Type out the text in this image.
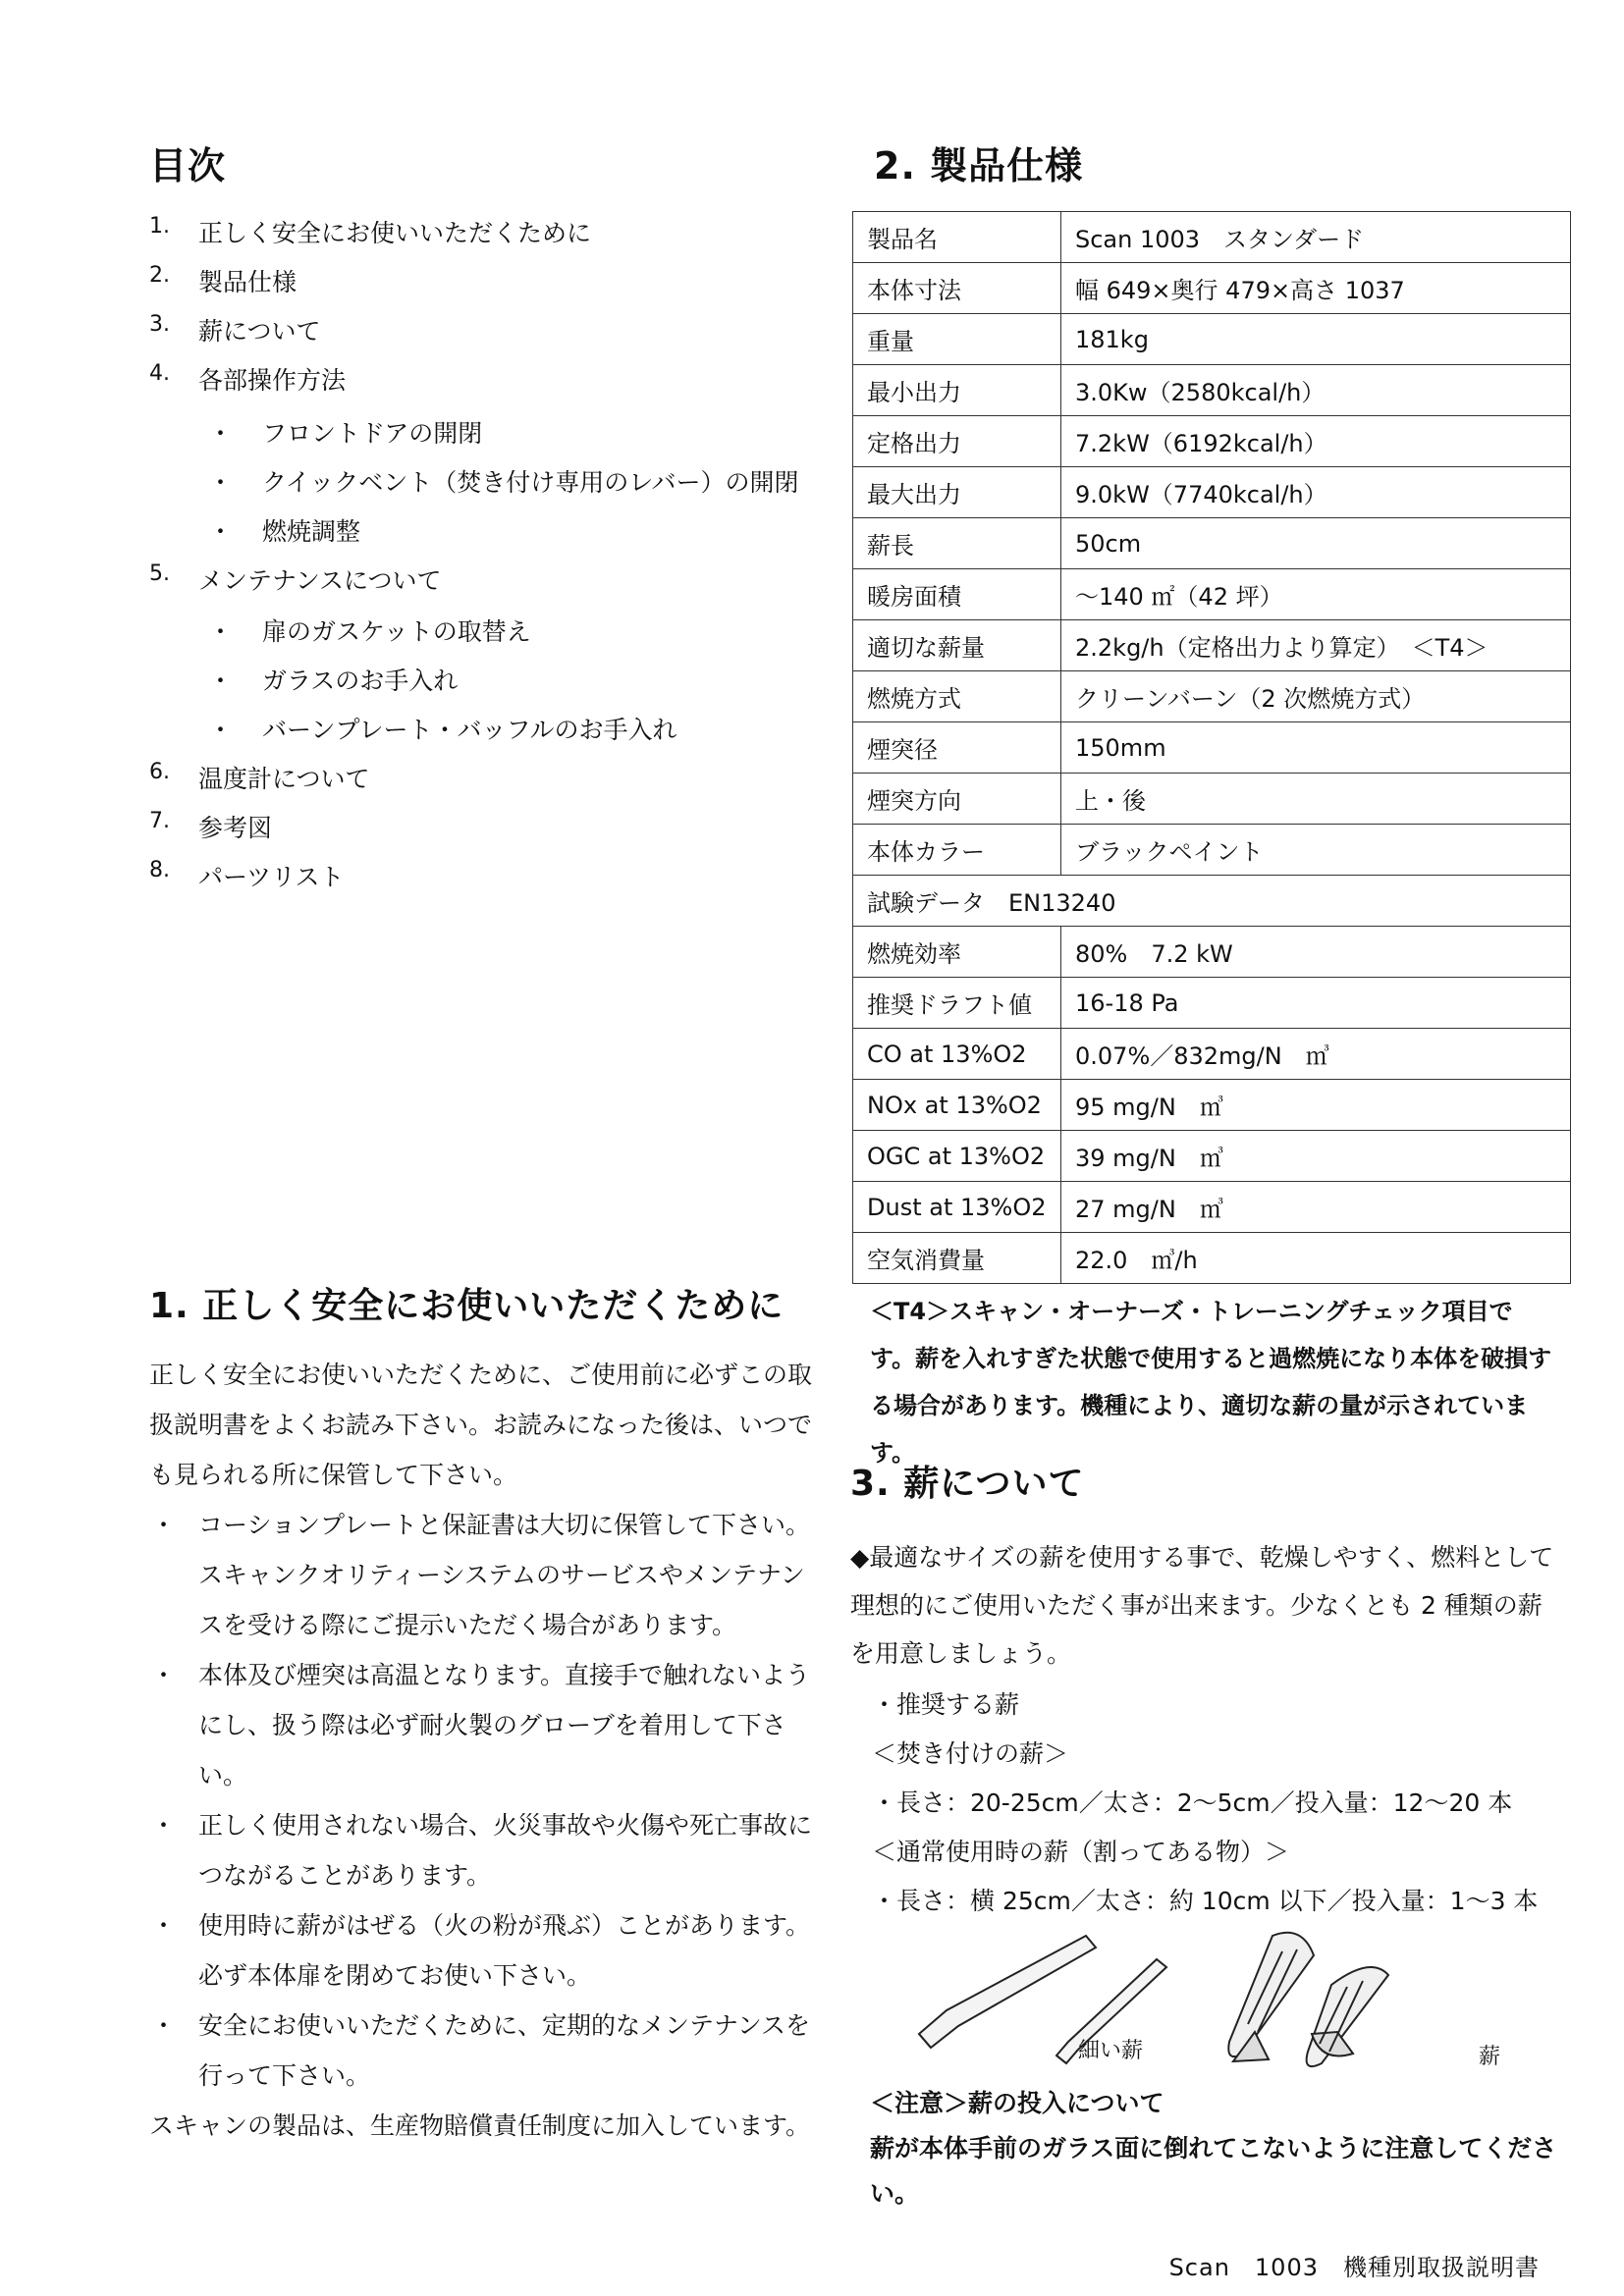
目次
1.	正しく安全にお使いいただくために
2.	製品仕様
3.	薪について
4.	各部操作方法
・ フロントドアの開閉
・ クイックベント（焚き付け専用のレバー）の開閉
・ 燃焼調整
5.	メンテナンスについて
・ 扉のガスケットの取替え
・ ガラスのお手入れ
・ バーンプレート・バッフルのお手入れ
6.	温度計について
7.	参考図
8.	パーツリスト
1. 正しく安全にお使いいただくために

正しく安全にお使いいただくために、ご使用前に必ずこの取扱説明書をよくお読み下さい。お読みになった後は、いつでも見られる所に保管して下さい。

・ コーションプレートと保証書は大切に保管して下さい。スキャンクオリティーシステムのサービスやメンテナンスを受ける際にご提示いただく場合があります。
・ 本体及び煙突は高温となります。直接手で触れないようにし、扱う際は必ず耐火製のグローブを着用して下さい。
・ 正しく使用されない場合、火災事故や火傷や死亡事故につながることがあります。
・ 使用時に薪がはぜる（火の粉が飛ぶ）ことがあります。必ず本体扉を閉めてお使い下さい。
・ 安全にお使いいただくために、定期的なメンテナンスを行って下さい。

スキャンの製品は、生産物賠償責任制度に加入しています。

2. 製品仕様
製品名	Scan 1003　スタンダード
本体寸法	幅 649×奥行 479×高さ 1037
重量	181kg
最小出力	3.0Kw（2580kcal/h）
定格出力	7.2kW（6192kcal/h）
最大出力	9.0kW（7740kcal/h）
薪長	50cm
暖房面積	～140 ㎡（42 坪）
適切な薪量	2.2kg/h（定格出力より算定）　＜T4＞
燃焼方式	クリーンバーン（2 次燃焼方式）
煙突径	150mm
煙突方向	上・後
本体カラー	ブラックペイント
試験データ　EN13240	
燃焼効率	80%　7.2 kW
推奨ドラフト値	16-18 Pa
CO at 13%O2	0.07%／832mg/N　㎥
NOx at 13%O2	95 mg/N　㎥
OGC at 13%O2	39 mg/N　㎥
Dust at 13%O2	27 mg/N　㎥
空気消費量	22.0　㎥/h

＜T4＞スキャン・オーナーズ・トレーニングチェック項目です。薪を入れすぎた状態で使用すると過燃焼になり本体を破損する場合があります。機種により、適切な薪の量が示されています。

3. 薪について

◆最適なサイズの薪を使用する事で、乾燥しやすく、燃料として理想的にご使用いただく事が出来ます。少なくとも 2 種類の薪を用意しましょう。

・推奨する薪
＜焚き付けの薪＞
・長さ：20-25cm／太さ：2～5cm／投入量：12～20 本
＜通常使用時の薪（割ってある物）＞
・長さ：横 25cm／太さ：約 10cm 以下／投入量：1～3 本
細い薪	薪
＜注意＞薪の投入について
薪が本体手前のガラス面に倒れてこないように注意してください。
Scan　1003　機種別取扱説明書
